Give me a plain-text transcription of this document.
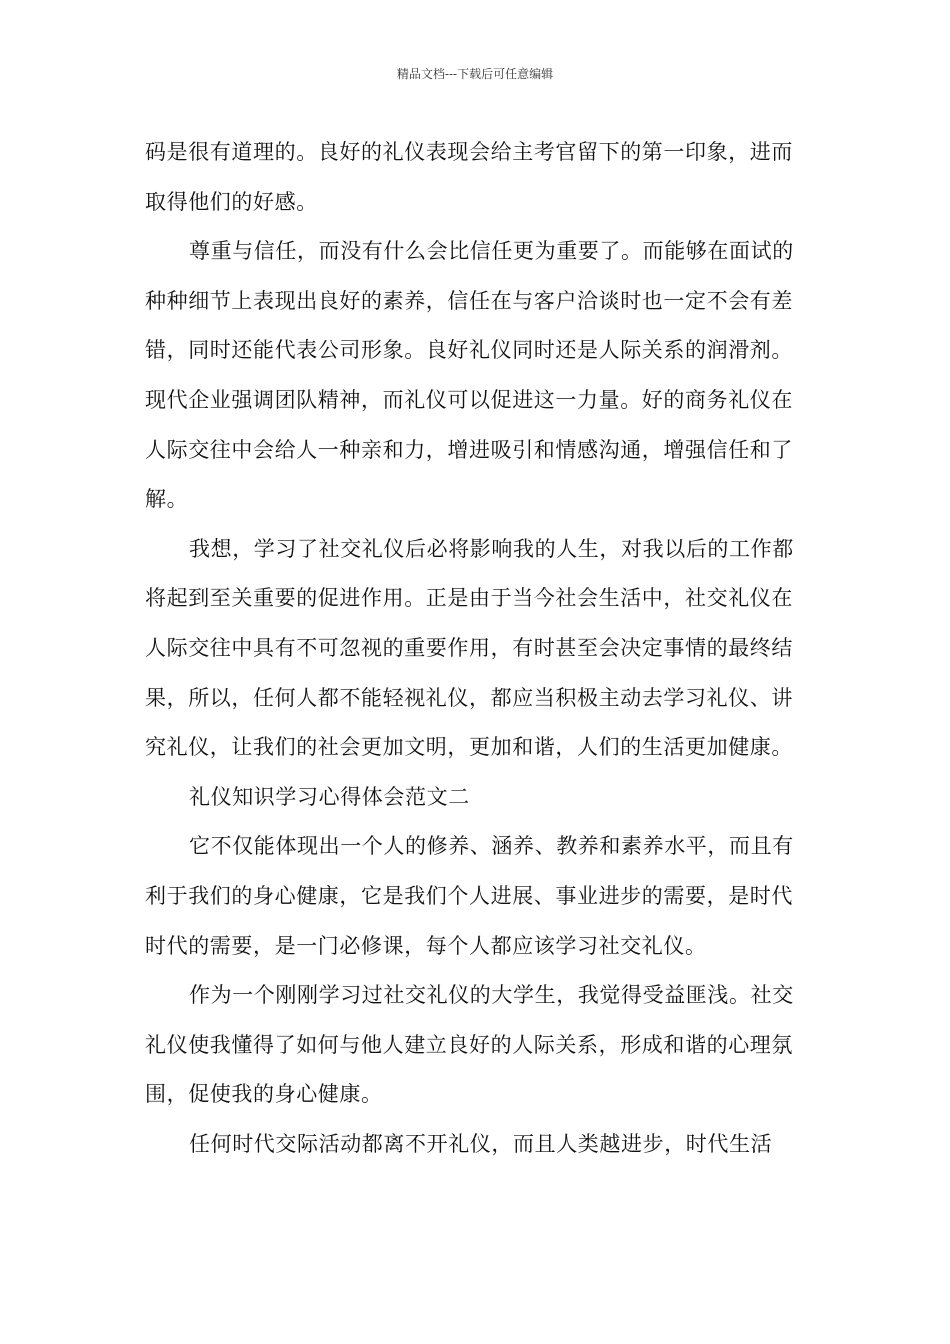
精品文档---下载后可任意编辑

码是很有道理的。良好的礼仪表现会给主考官留下的第一印象，进而取得他们的好感。

尊重与信任，而没有什么会比信任更为重要了。而能够在面试的种种细节上表现出良好的素养，信任在与客户洽谈时也一定不会有差错，同时还能代表公司形象。良好礼仪同时还是人际关系的润滑剂。现代企业强调团队精神，而礼仪可以促进这一力量。好的商务礼仪在人际交往中会给人一种亲和力，增进吸引和情感沟通，增强信任和了解。

我想，学习了社交礼仪后必将影响我的人生，对我以后的工作都将起到至关重要的促进作用。正是由于当今社会生活中，社交礼仪在人际交往中具有不可忽视的重要作用，有时甚至会决定事情的最终结果，所以，任何人都不能轻视礼仪，都应当积极主动去学习礼仪、讲究礼仪，让我们的社会更加文明，更加和谐，人们的生活更加健康。

礼仪知识学习心得体会范文二

它不仅能体现出一个人的修养、涵养、教养和素养水平，而且有利于我们的身心健康，它是我们个人进展、事业进步的需要，是时代时代的需要，是一门必修课，每个人都应该学习社交礼仪。

作为一个刚刚学习过社交礼仪的大学生，我觉得受益匪浅。社交礼仪使我懂得了如何与他人建立良好的人际关系，形成和谐的心理氛围，促使我的身心健康。

任何时代交际活动都离不开礼仪，而且人类越进步，时代生活
